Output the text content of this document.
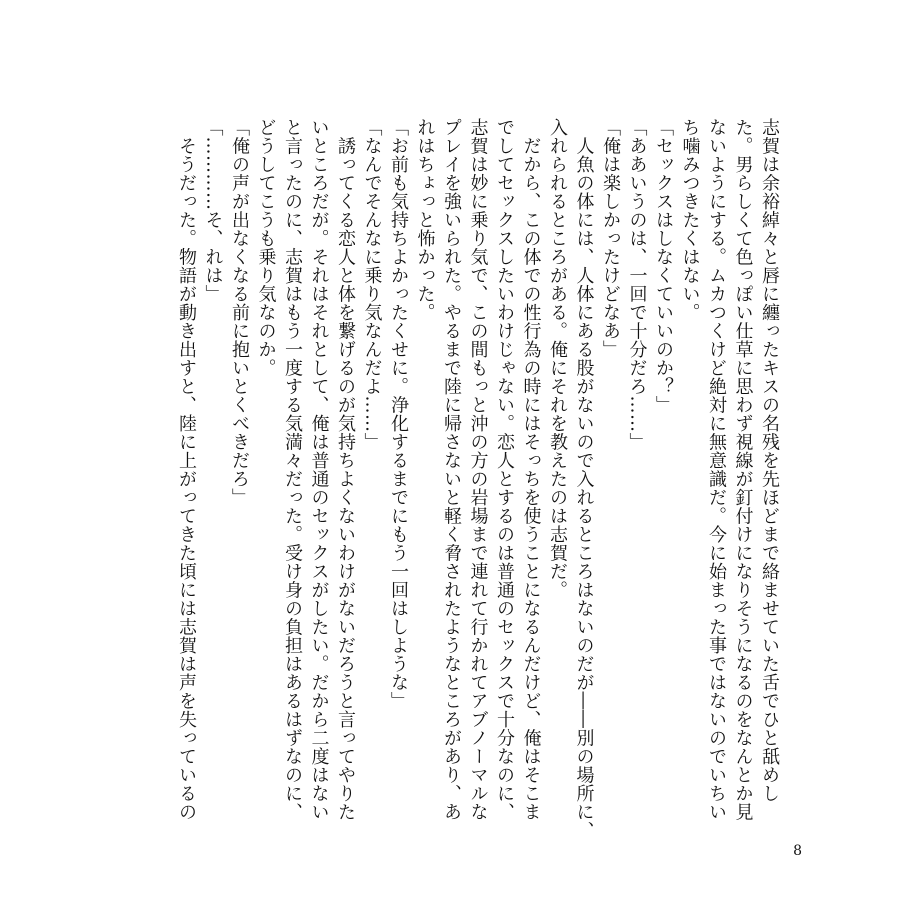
志賀は余裕綽々と唇に纏ったキスの名残を先ほどまで絡ませていた舌でひと舐めし
た。男らしくて色っぽい仕草に思わず視線が釘付けになりそうになるのをなんとか見
ないようにする。ムカつくけど絶対に無意識だ。今に始まった事ではないのでいちい
ち噛みつきたくはない。
「セックスはしなくていいのか？」
「ああいうのは、一回で十分だろ……」
「俺は楽しかったけどなあ」
　人魚の体には、人体にある股がないので入れるところはないのだが――別の場所に、
入れられるところがある。俺にそれを教えたのは志賀だ。
　だから、この体での性行為の時にはそっちを使うことになるんだけど、俺はそこま
でしてセックスしたいわけじゃない。恋人とするのは普通のセックスで十分なのに、
志賀は妙に乗り気で、この間もっと沖の方の岩場まで連れて行かれてアブノーマルな
プレイを強いられた。やるまで陸に帰さないと軽く脅されたようなところがあり、あ
れはちょっと怖かった。
「お前も気持ちよかったくせに。浄化するまでにもう一回はしような」
「なんでそんなに乗り気なんだよ……」
　誘ってくる恋人と体を繋げるのが気持ちよくないわけがないだろうと言ってやりた
いところだが。それはそれとして、俺は普通のセックスがしたい。だから二度はない
と言ったのに、志賀はもう一度する気満々だった。受け身の負担はあるはずなのに、
どうしてこうも乗り気なのか。
「俺の声が出なくなる前に抱いとくべきだろ」
「…………そ、れは」
　そうだった。物語が動き出すと、陸に上がってきた頃には志賀は声を失っているの
8
